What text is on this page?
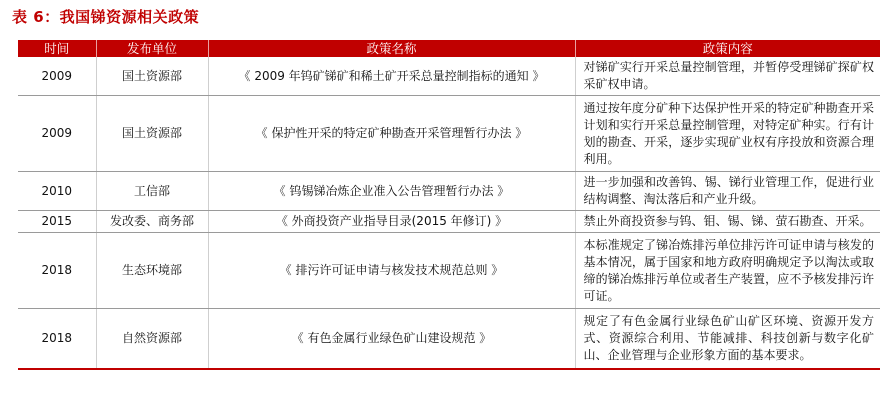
表 6：我国锑资源相关政策
时间	发布单位	政策名称	政策内容
2009	国土资源部	《 2009 年钨矿锑矿和稀土矿开采总量控制指标的通知 》	对锑矿实行开采总量控制管理，并暂停受理锑矿探矿权采矿权申请。
2009	国土资源部	《 保护性开采的特定矿种勘查开采管理暂行办法 》	通过按年度分矿种下达保护性开采的特定矿种勘查开采计划和实行开采总量控制管理，对特定矿种实。行有计划的勘查、开采，逐步实现矿业权有序投放和资源合理利用。
2010	工信部	《 钨锡锑冶炼企业准入公告管理暂行办法 》	进一步加强和改善钨、锡、锑行业管理工作，促进行业结构调整、淘汰落后和产业升级。
2015	发改委、商务部	《 外商投资产业指导目录(2015 年修订) 》	禁止外商投资参与钨、钼、锡、锑、萤石勘查、开采。
2018	生态环境部	《 排污许可证申请与核发技术规范总则 》	本标准规定了锑冶炼排污单位排污许可证申请与核发的基本情况，属于国家和地方政府明确规定予以淘汰或取缔的锑冶炼排污单位或者生产装置，应不予核发排污许可证。
2018	自然资源部	《 有色金属行业绿色矿山建设规范 》	规定了有色金属行业绿色矿山矿区环境、资源开发方式、资源综合利用、节能减排、科技创新与数字化矿山、企业管理与企业形象方面的基本要求。
